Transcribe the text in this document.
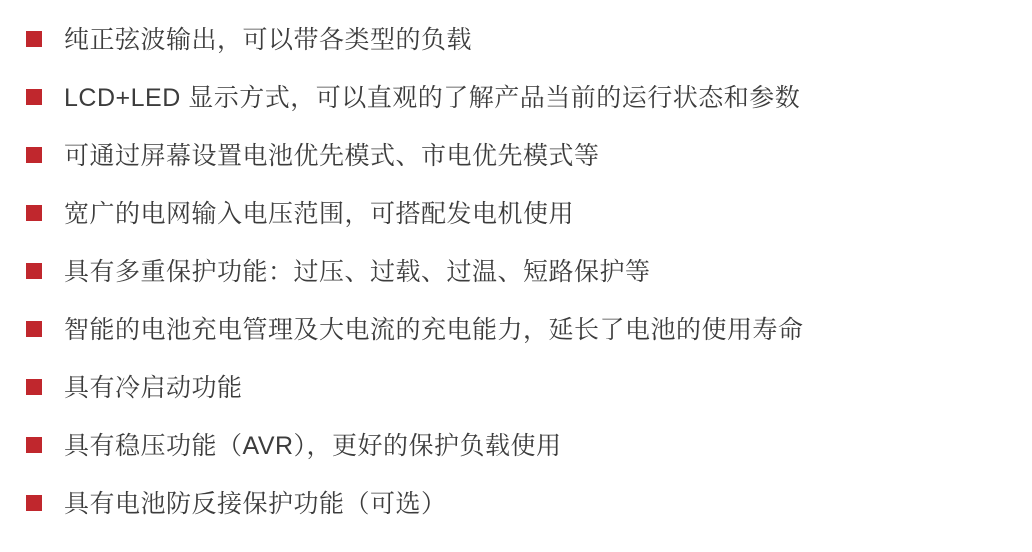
纯正弦波输出，可以带各类型的负载
LCD+LED 显示方式，可以直观的了解产品当前的运行状态和参数
可通过屏幕设置电池优先模式、市电优先模式等
宽广的电网输入电压范围，可搭配发电机使用
具有多重保护功能：过压、过载、过温、短路保护等
智能的电池充电管理及大电流的充电能力，延长了电池的使用寿命
具有冷启动功能
具有稳压功能（AVR），更好的保护负载使用
具有电池防反接保护功能（可选）
